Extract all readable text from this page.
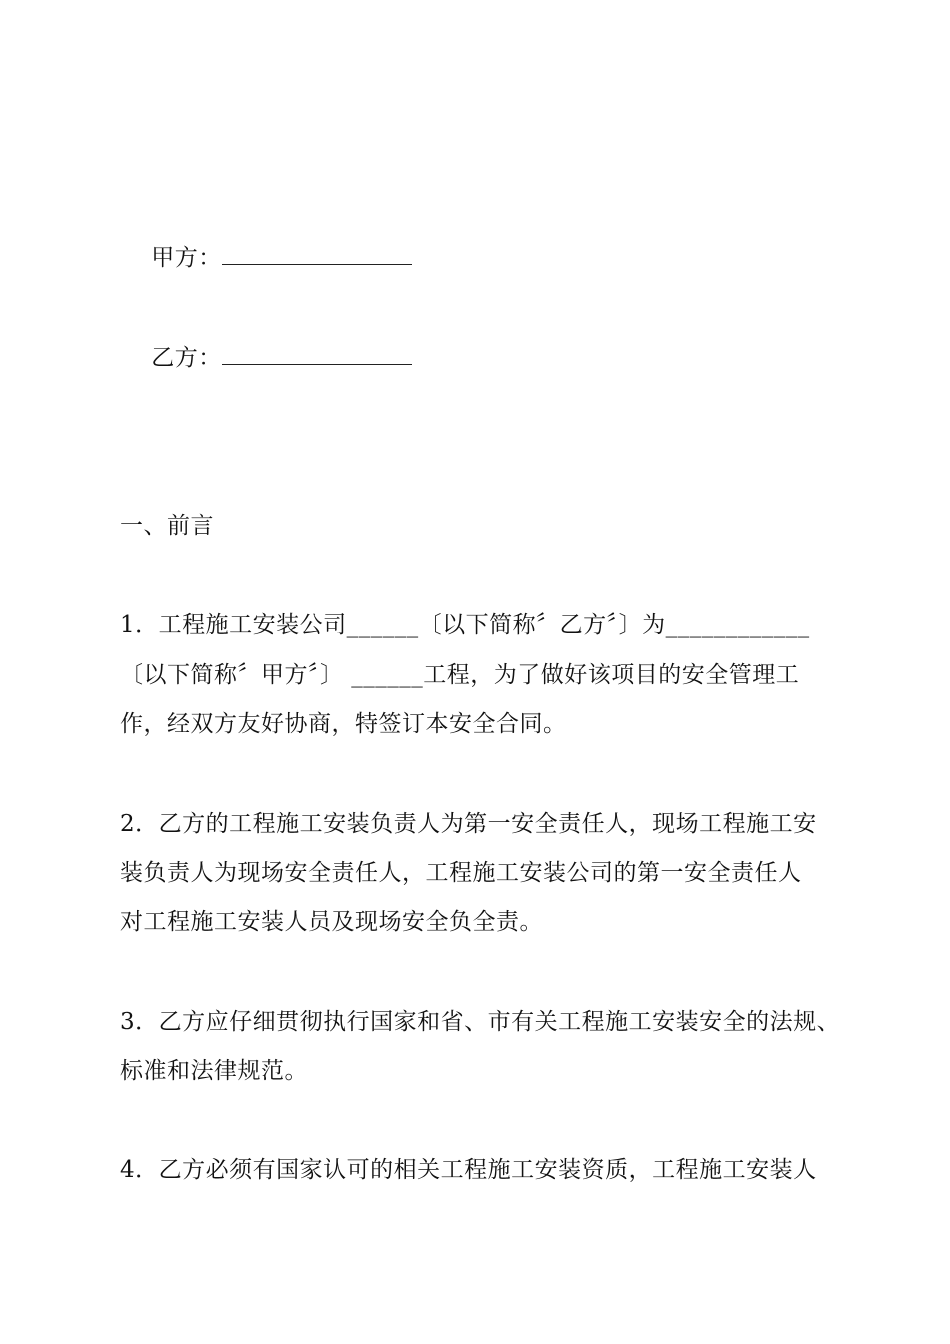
甲方：

乙方：

一、前言
1．工程施工安装公司______〔以下简称〞乙方〞〕为____________
〔以下简称〞甲方〞〕 ______工程，为了做好该项目的安全管理工
作，经双方友好协商，特签订本安全合同。
2．乙方的工程施工安装负责人为第一安全责任人，现场工程施工安
装负责人为现场安全责任人，工程施工安装公司的第一安全责任人
对工程施工安装人员及现场安全负全责。
3．乙方应仔细贯彻执行国家和省、市有关工程施工安装安全的法规、
标准和法律规范。
4．乙方必须有国家认可的相关工程施工安装资质，工程施工安装人
